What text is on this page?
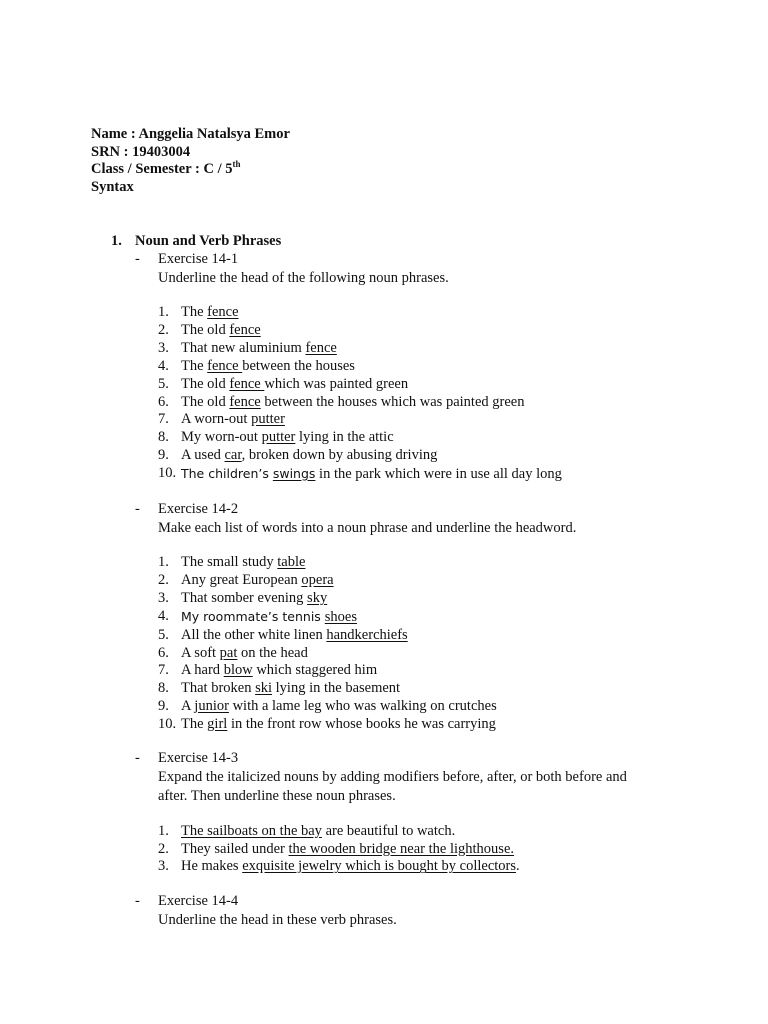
Name : Anggelia Natalsya Emor
SRN : 19403004
Class / Semester : C / 5th
Syntax
1. Noun and Verb Phrases
- Exercise 14-1
Underline the head of the following noun phrases.
1. The fence
2. The old fence
3. That new aluminium fence
4. The fence between the houses
5. The old fence which was painted green
6. The old fence between the houses which was painted green
7. A worn-out putter
8. My worn-out putter lying in the attic
9. A used car, broken down by abusing driving
10. The children’s swings in the park which were in use all day long
- Exercise 14-2
Make each list of words into a noun phrase and underline the headword.
1. The small study table
2. Any great European opera
3. That somber evening sky
4. My roommate’s tennis shoes
5. All the other white linen handkerchiefs
6. A soft pat on the head
7. A hard blow which staggered him
8. That broken ski lying in the basement
9. A junior with a lame leg who was walking on crutches
10. The girl in the front row whose books he was carrying
- Exercise 14-3
Expand the italicized nouns by adding modifiers before, after, or both before and after. Then underline these noun phrases.
1. The sailboats on the bay are beautiful to watch.
2. They sailed under the wooden bridge near the lighthouse.
3. He makes exquisite jewelry which is bought by collectors.
- Exercise 14-4
Underline the head in these verb phrases.
